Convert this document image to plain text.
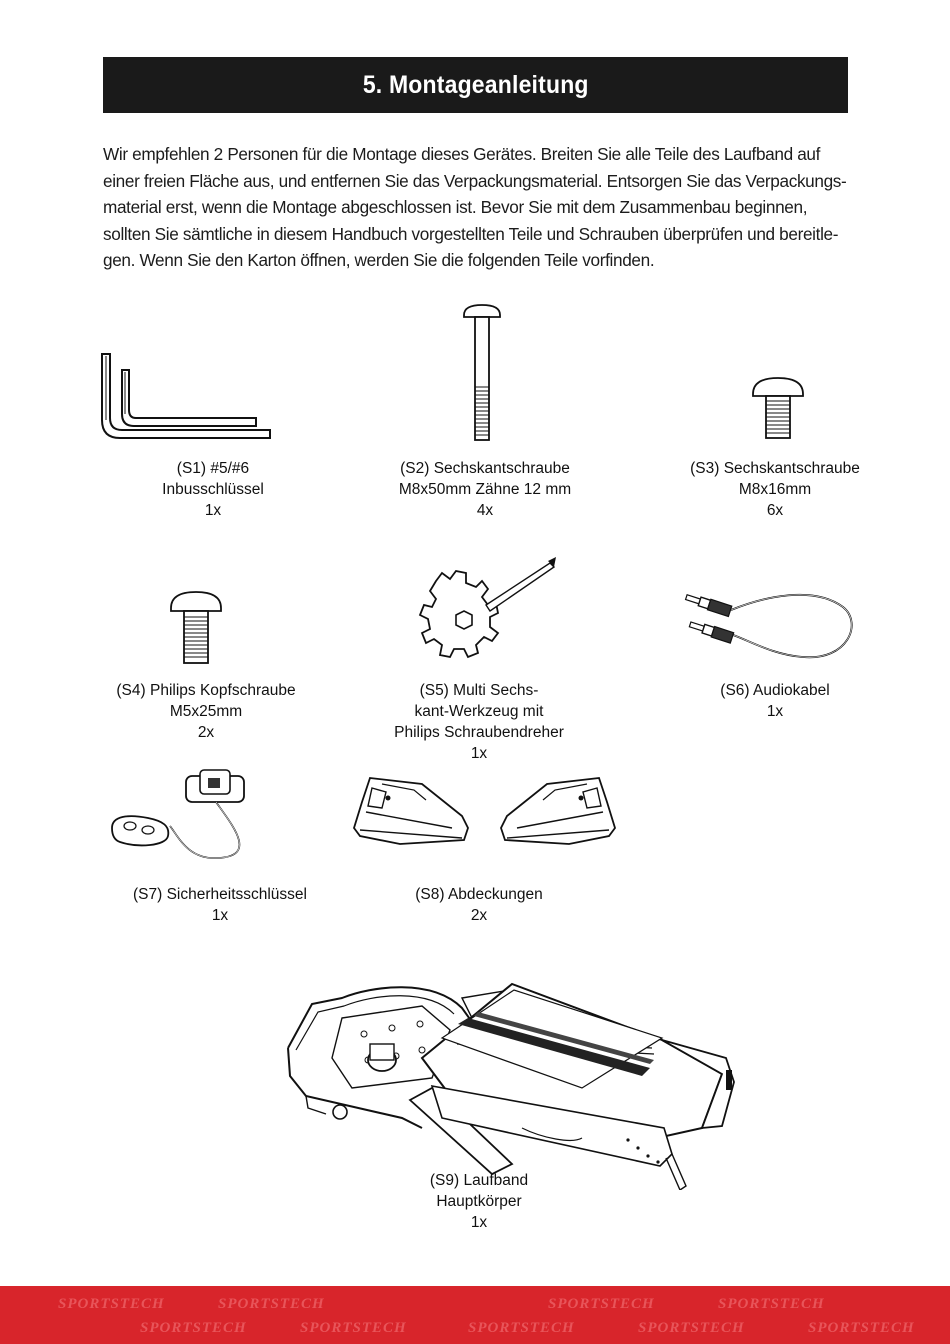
5. Montageanleitung

Wir empfehlen 2 Personen für die Montage dieses Gerätes. Breiten Sie alle Teile des Laufband auf
einer freien Fläche aus, und entfernen Sie das Verpackungsmaterial. Entsorgen Sie das Verpackungs-
material erst, wenn die Montage abgeschlossen ist. Bevor Sie mit dem Zusammenbau beginnen,
sollten Sie sämtliche in diesem Handbuch vorgestellten Teile und Schrauben überprüfen und bereitle-
gen. Wenn Sie den Karton öffnen, werden Sie die folgenden Teile vorfinden.

(S1) #5/#6
Inbusschlüssel
1x
(S2) Sechskantschraube
M8x50mm Zähne 12 mm
4x
(S3) Sechskantschraube
M8x16mm
6x
(S4) Philips Kopfschraube
M5x25mm
2x
(S5) Multi Sechs-
kant-Werkzeug mit
Philips Schraubendreher
1x
(S6) Audiokabel
1x
(S7) Sicherheitsschlüssel
1x
(S8) Abdeckungen
2x
(S9) Laufband
Hauptkörper
1x
SPORTSTECH	SPORTSTECH	SPORTSTECH	SPORTSTECH
SPORTSTECH	SPORTSTECH	SPORTSTECH	SPORTSTECH	SPORTSTECH
